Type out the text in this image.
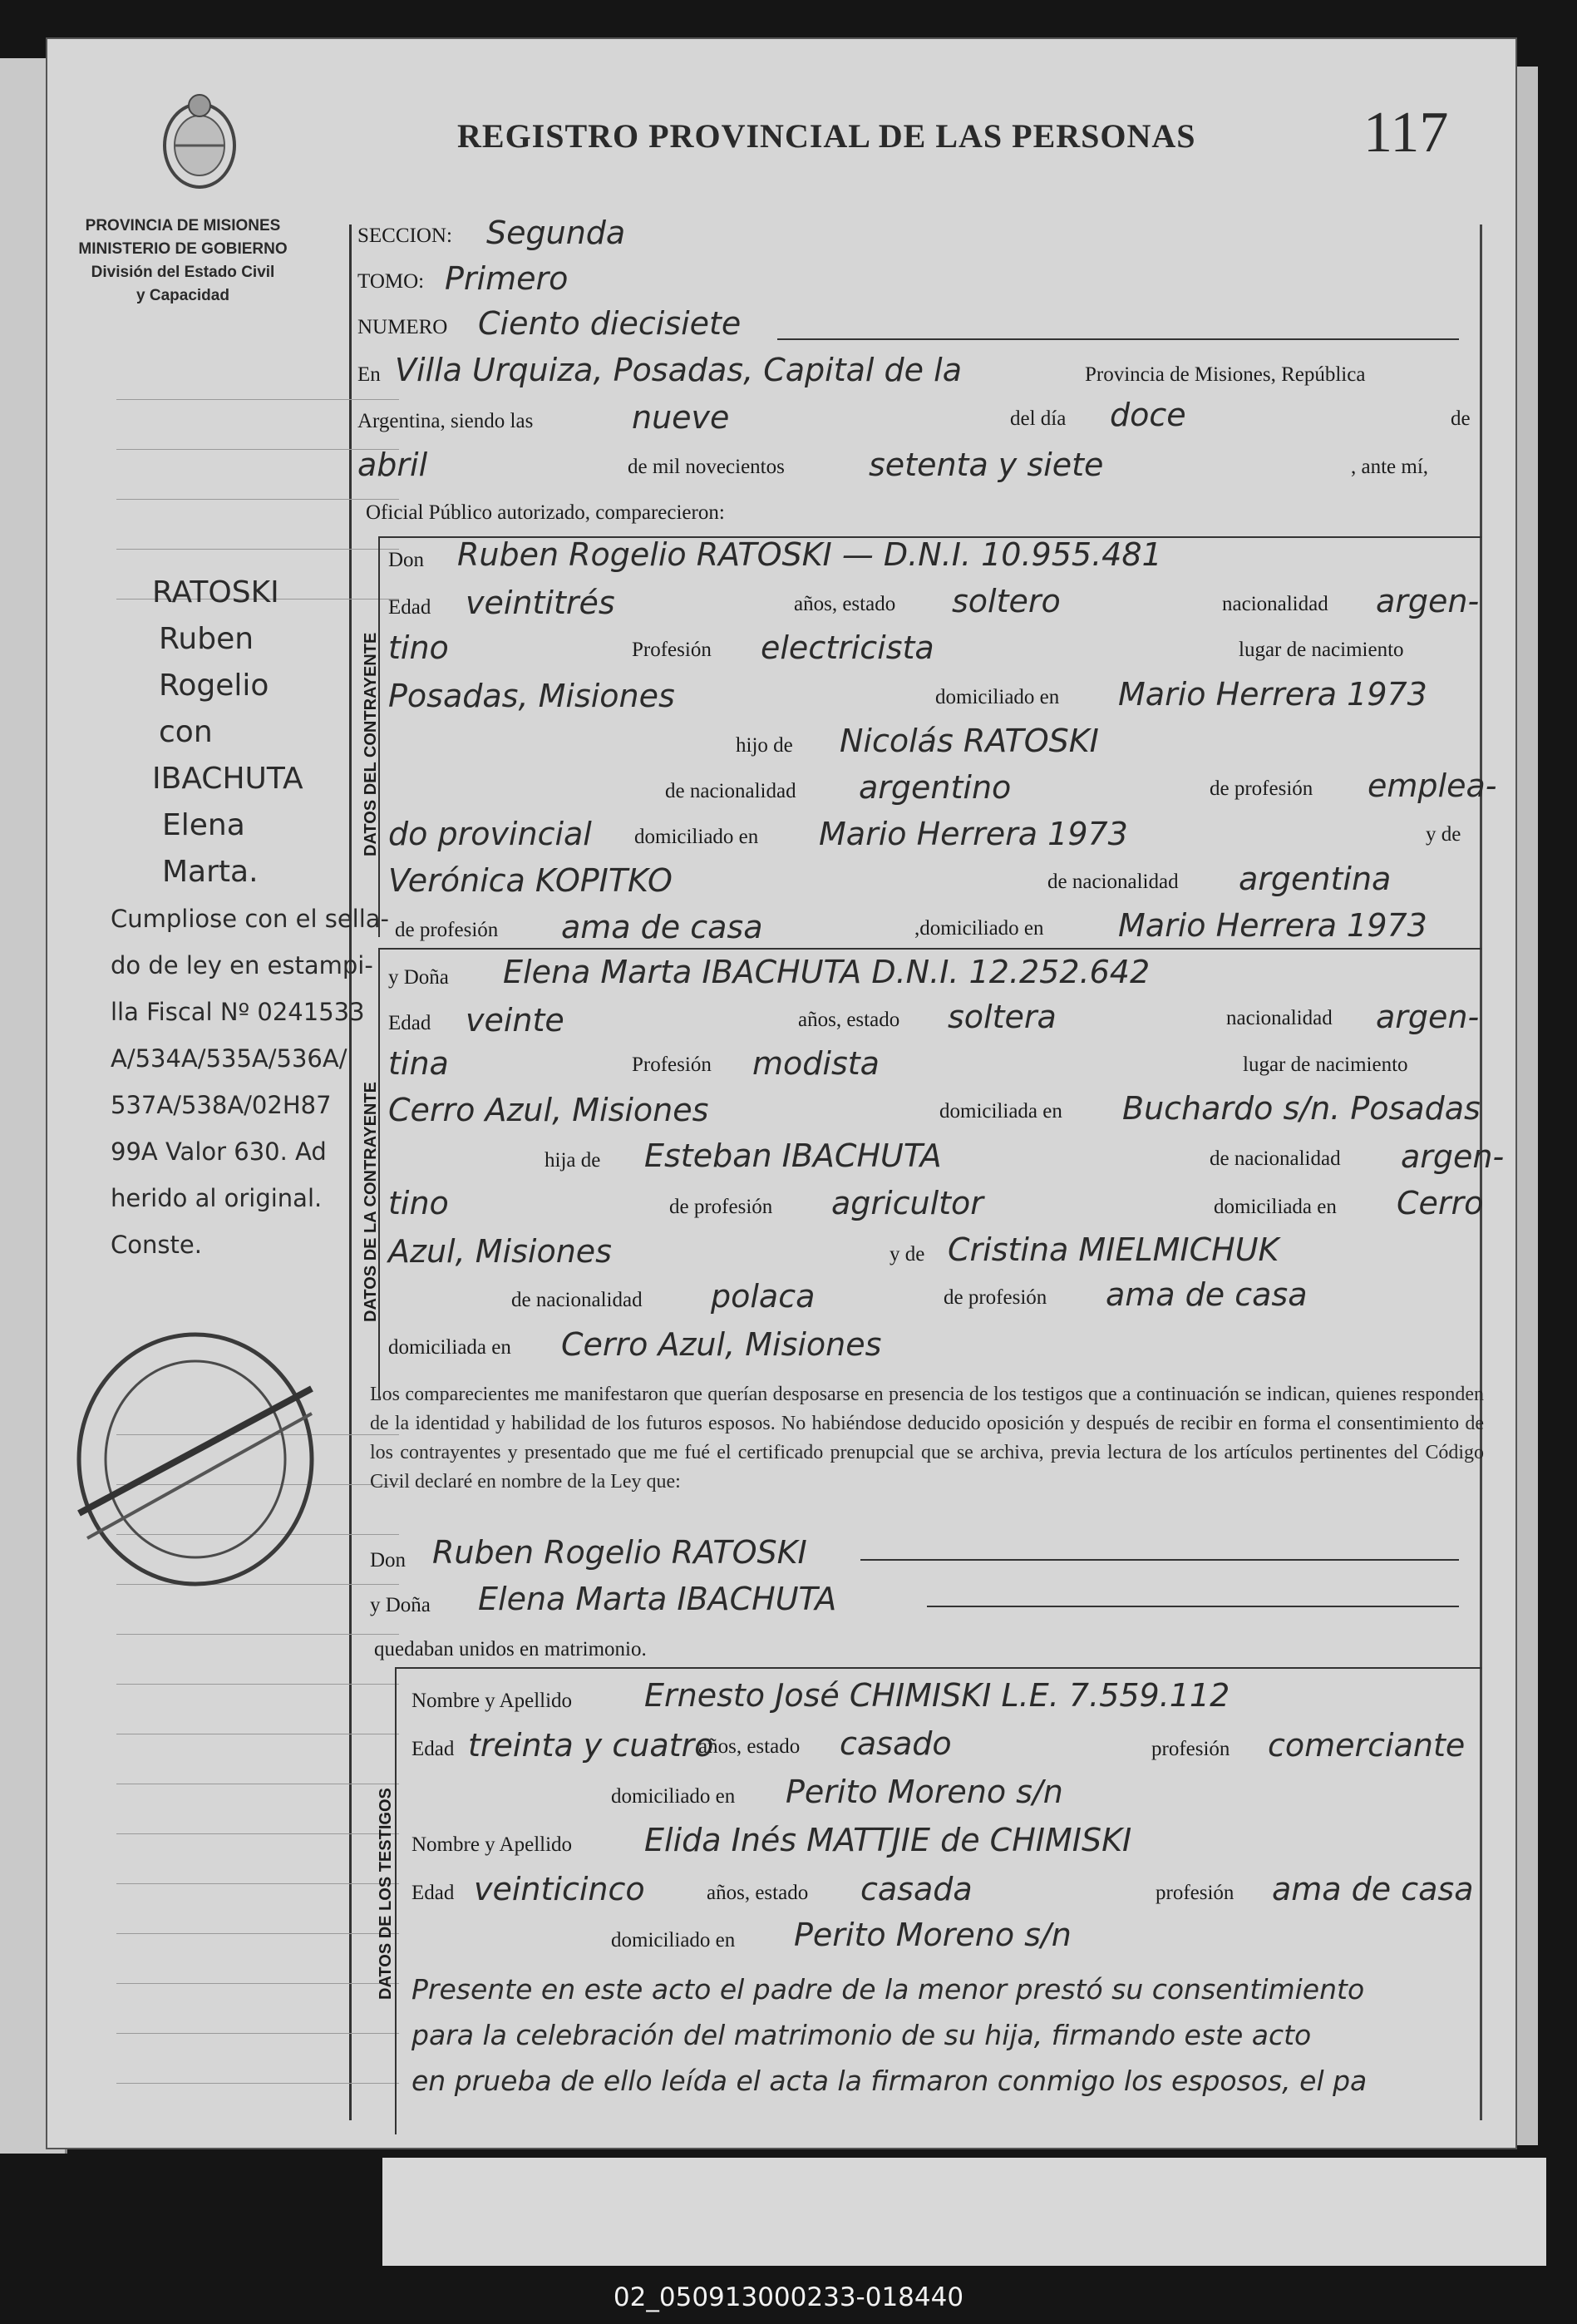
PROVINCIA DE MISIONES
MINISTERIO DE GOBIERNO
División del Estado Civil
y Capacidad
REGISTRO PROVINCIAL DE LAS PERSONAS	117
RATOSKI
Ruben
Rogelio
con
IBACHUTA
Elena
Marta.
Cumpliose con el sella-
do de ley en estampi-
lla Fiscal Nº 0241533
A/534A/535A/536A/
537A/538A/02H87
99A Valor 630. Ad
herido al original.
Conste.
SECCION: Segunda
TOMO: Primero
NUMERO Ciento diecisiete
En Villa Urquiza, Posadas, Capital de la	Provincia de Misiones, República
Argentina, siendo las	nueve	del día doce	de
abril	de mil novecientos	setenta y siete	, ante mí,
Oficial Público autorizado, comparecieron:
DATOS DEL CONTRAYENTE
Don Ruben Rogelio RATOSKI — D.N.I. 10.955.481
Edad veintitrés	años, estado soltero	nacionalidad argen-
tino	Profesión electricista	lugar de nacimiento
Posadas, Misiones	domiciliado en Mario Herrera 1973
hijo de Nicolás RATOSKI
de nacionalidad argentino	de profesión emplea-
do provincial domiciliado en Mario Herrera 1973	y de
Verónica KOPITKO	de nacionalidad argentina
de profesión ama de casa	,domiciliado en Mario Herrera 1973
DATOS DE LA CONTRAYENTE
y Doña Elena Marta IBACHUTA D.N.I. 12.252.642
Edad veinte	años, estado soltera	nacionalidad argen-
tina	Profesión modista	lugar de nacimiento
Cerro Azul, Misiones	domiciliada en Buchardo s/n. Posadas
hija de Esteban IBACHUTA	de nacionalidad argen-
tino	de profesión agricultor	domiciliada en Cerro
Azul, Misiones	y de Cristina MIELMICHUK
de nacionalidad polaca	de profesión ama de casa
domiciliada en Cerro Azul, Misiones
Los comparecientes me manifestaron que querían desposarse en presencia de los testigos que a continuación se indican, quienes responden de la identidad y habilidad de los futuros esposos. No habiéndose deducido oposición y después de recibir en forma el consentimiento de los contrayentes y presentado que me fué el certificado prenupcial que se archiva, previa lectura de los artículos pertinentes del Código Civil declaré en nombre de la Ley que:
Don Ruben Rogelio RATOSKI
y Doña Elena Marta IBACHUTA
quedaban unidos en matrimonio.
DATOS DE LOS TESTIGOS
Nombre y Apellido Ernesto José CHIMISKI L.E. 7.559.112
Edad treinta y cuatro
años, estado casado	profesión comerciante
domiciliado en Perito Moreno s/n
Nombre y Apellido Elida Inés MATTJIE de CHIMISKI
Edad veinticinco	años, estado casada	profesión ama de casa
domiciliado en Perito Moreno s/n
Presente en este acto el padre de la menor prestó su consentimiento
para la celebración del matrimonio de su hija, firmando este acto
en prueba de ello leída el acta la firmaron conmigo los esposos, el pa
02_050913000233-018440
